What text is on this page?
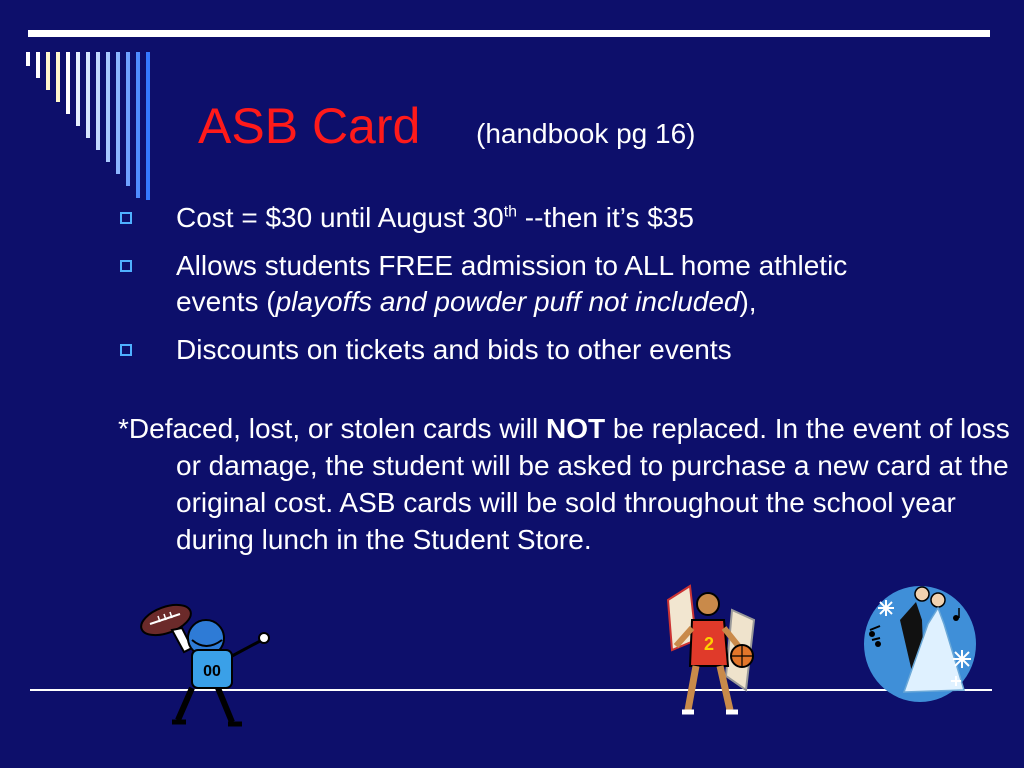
ASB Card (handbook pg 16)
Cost = $30 until August 30th --then it’s $35
Allows students FREE admission to ALL home athletic events (playoffs and powder puff not included),
Discounts on tickets and bids to other events
*Defaced, lost, or stolen cards will NOT be replaced. In the event of loss or damage, the student will be asked to purchase a new card at the original cost. ASB cards will be sold throughout the school year during lunch in the Student Store.
00
2
